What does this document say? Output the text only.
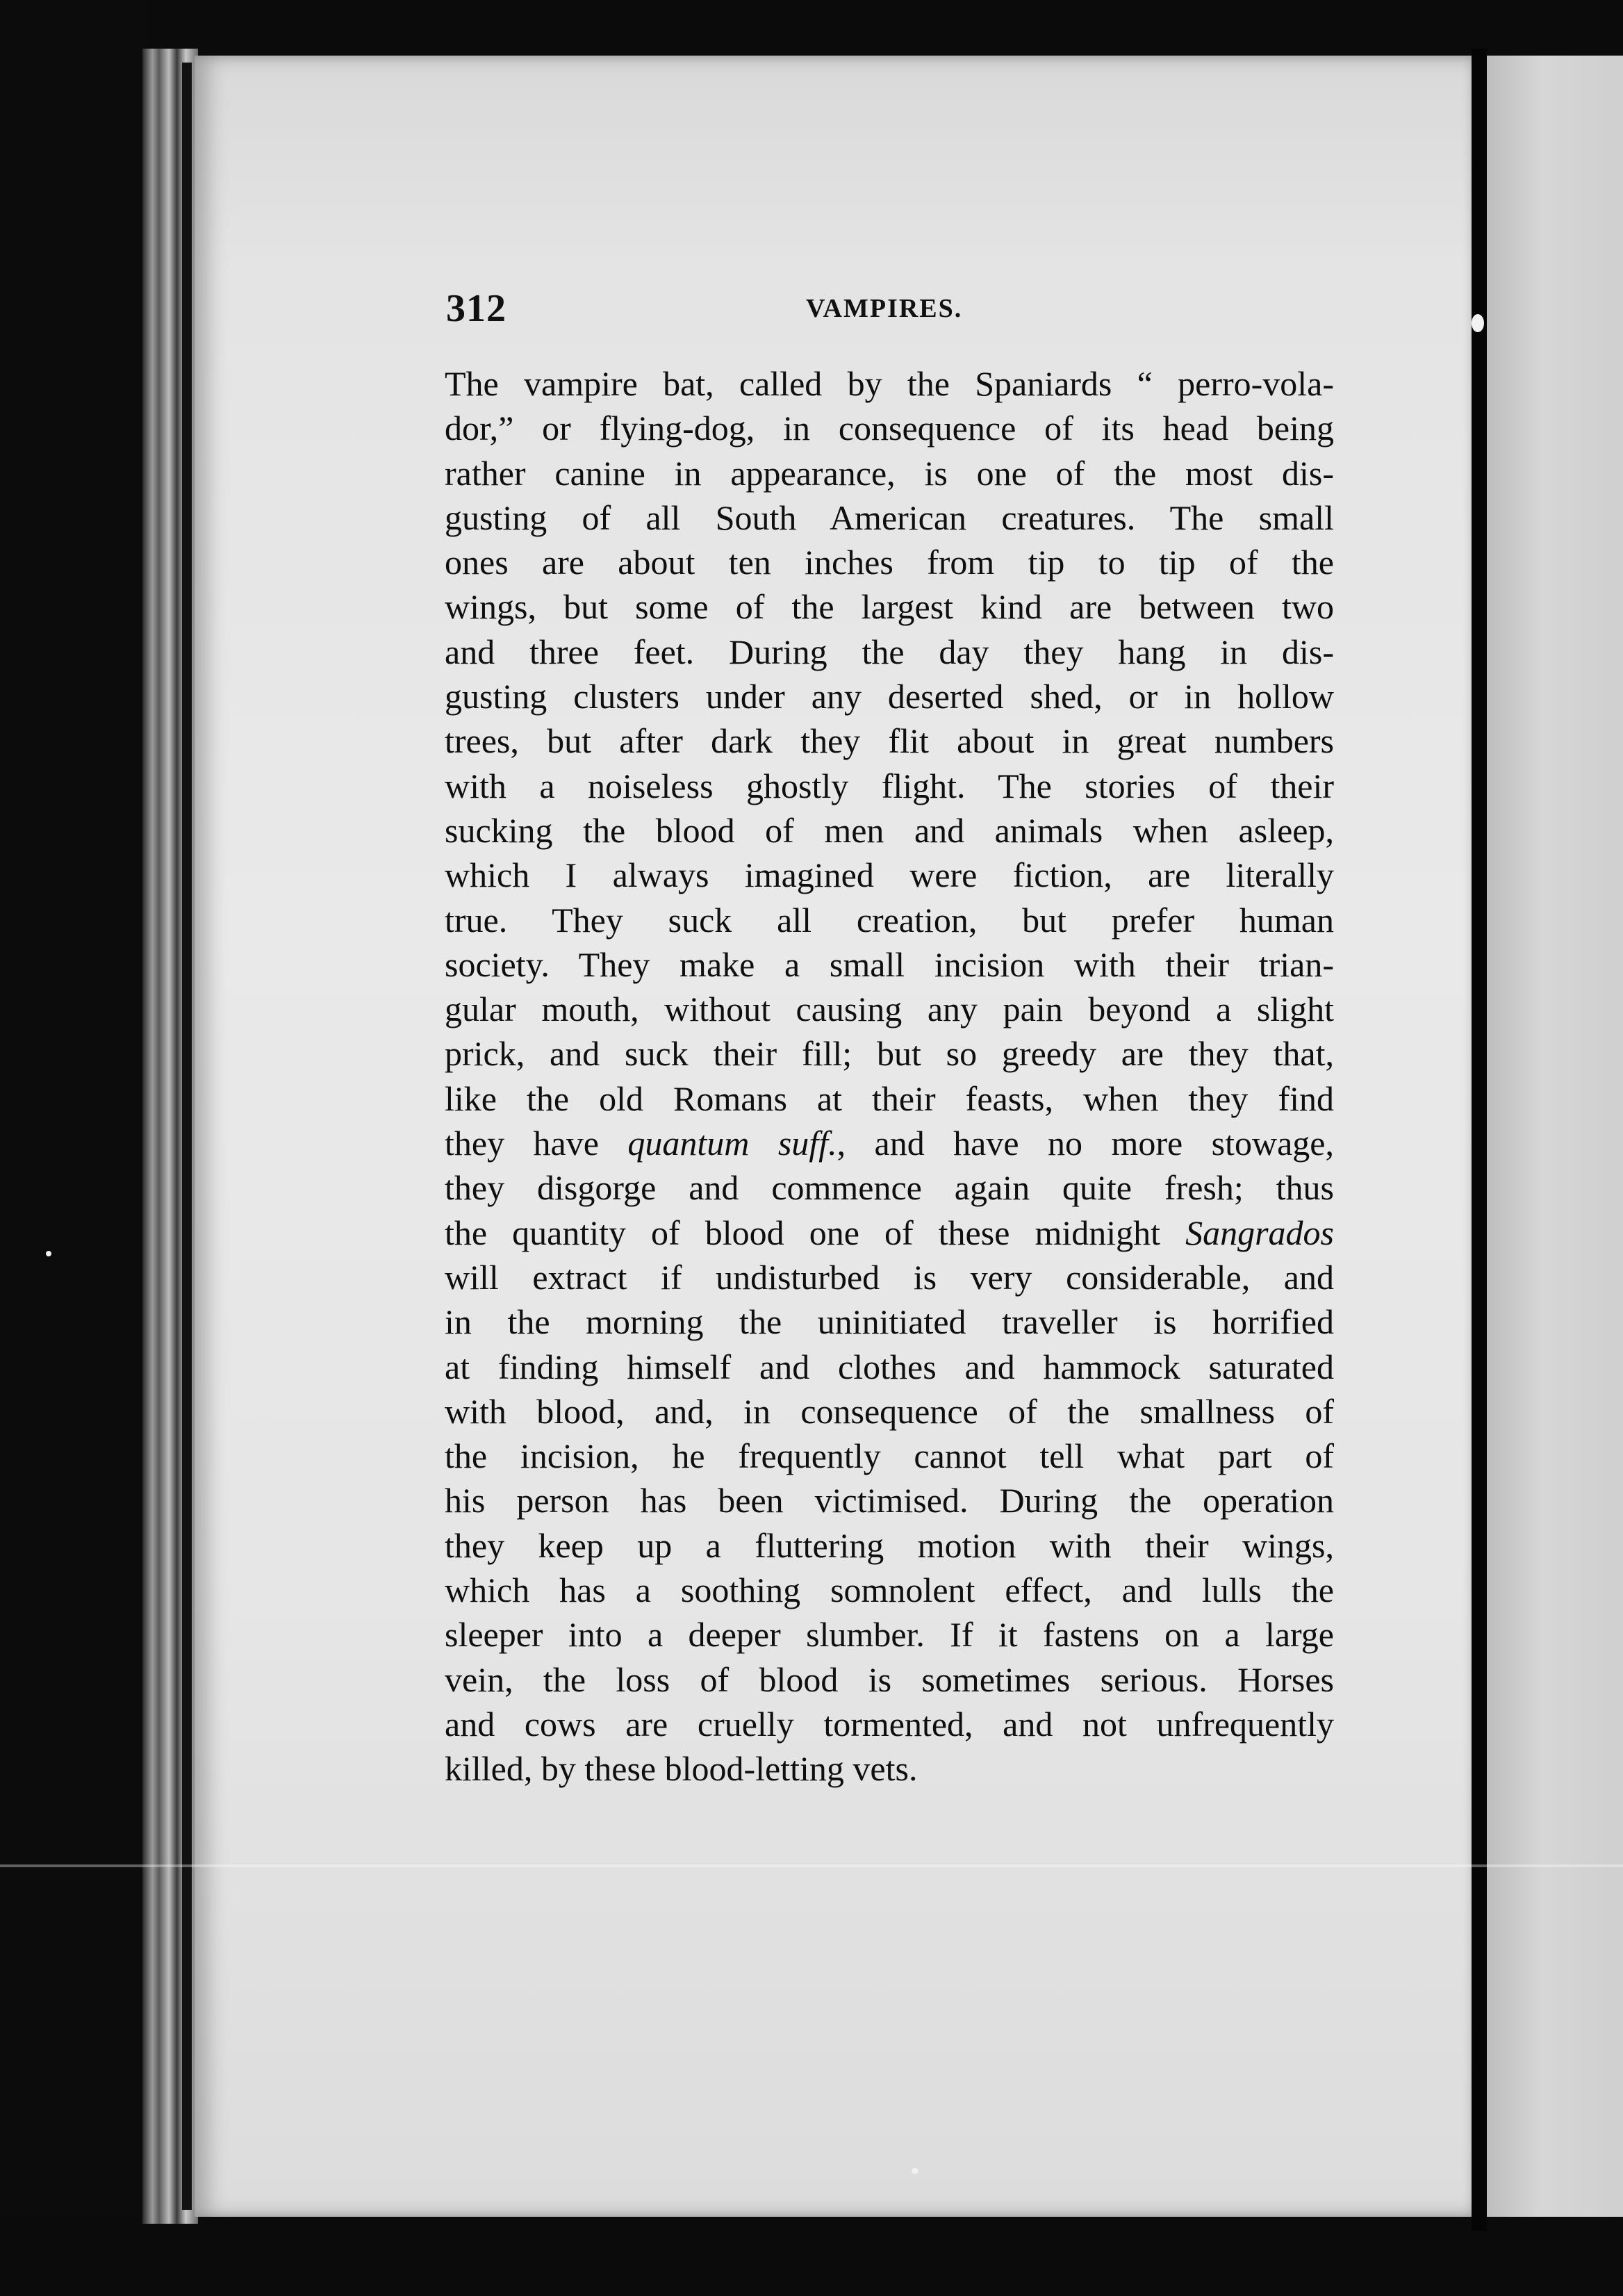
312	VAMPIRES.
The vampire bat, called by the Spaniards “ perro-vola-
dor,” or flying-dog, in consequence of its head being
rather canine in appearance, is one of the most dis-
gusting of all South American creatures. The small
ones are about ten inches from tip to tip of the
wings, but some of the largest kind are between two
and three feet. During the day they hang in dis-
gusting clusters under any deserted shed, or in hollow
trees, but after dark they flit about in great numbers
with a noiseless ghostly flight. The stories of their
sucking the blood of men and animals when asleep,
which I always imagined were fiction, are literally
true. They suck all creation, but prefer human
society. They make a small incision with their trian-
gular mouth, without causing any pain beyond a slight
prick, and suck their fill; but so greedy are they that,
like the old Romans at their feasts, when they find
they have quantum suff., and have no more stowage,
they disgorge and commence again quite fresh; thus
the quantity of blood one of these midnight Sangrados
will extract if undisturbed is very considerable, and
in the morning the uninitiated traveller is horrified
at finding himself and clothes and hammock saturated
with blood, and, in consequence of the smallness of
the incision, he frequently cannot tell what part of
his person has been victimised. During the operation
they keep up a fluttering motion with their wings,
which has a soothing somnolent effect, and lulls the
sleeper into a deeper slumber. If it fastens on a large
vein, the loss of blood is sometimes serious. Horses
and cows are cruelly tormented, and not unfrequently
killed, by these blood-letting vets.
